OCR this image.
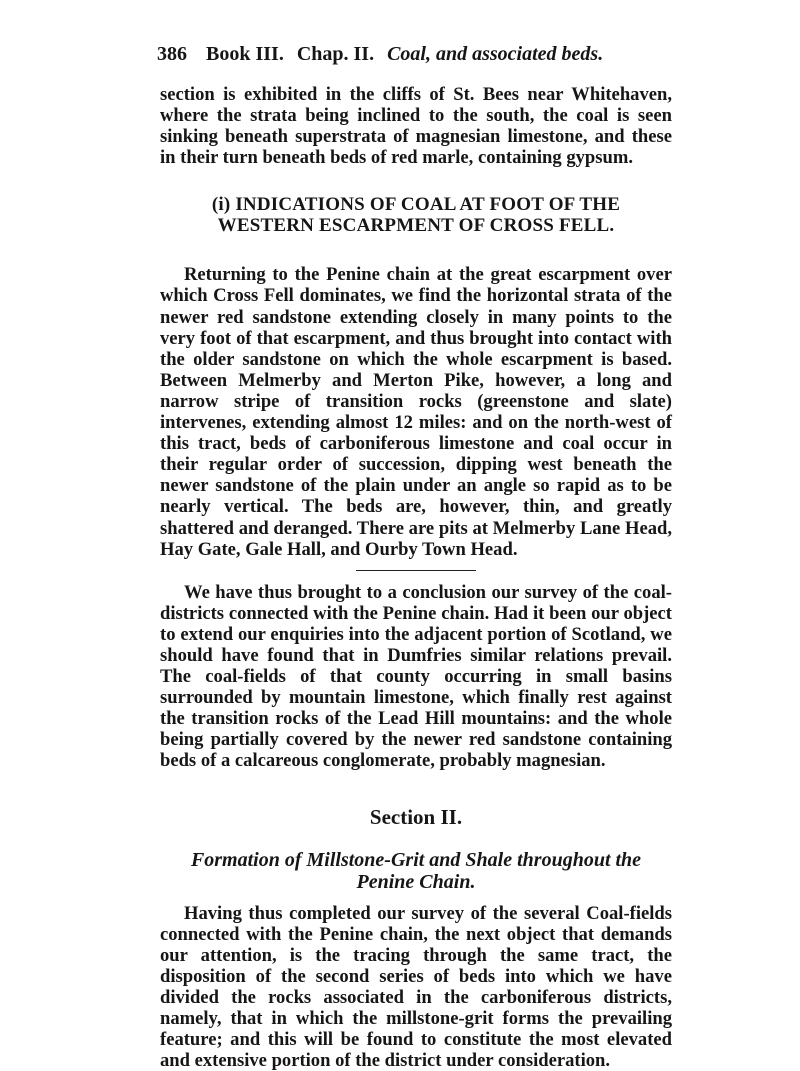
386 Book III. Chap. II. Coal, and associated beds.

section is exhibited in the cliffs of St. Bees near Whitehaven, where the strata being inclined to the south, the coal is seen sinking beneath superstrata of magnesian limestone, and these in their turn beneath beds of red marle, containing gypsum.

(i) INDICATIONS OF COAL AT FOOT OF THE
WESTERN ESCARPMENT OF CROSS FELL.

Returning to the Penine chain at the great escarpment over which Cross Fell dominates, we find the horizontal strata of the newer red sandstone extending closely in many points to the very foot of that escarpment, and thus brought into contact with the older sandstone on which the whole escarpment is based. Between Melmerby and Merton Pike, however, a long and narrow stripe of transition rocks (greenstone and slate) intervenes, extending almost 12 miles: and on the north-west of this tract, beds of carboniferous limestone and coal occur in their regular order of succession, dipping west beneath the newer sandstone of the plain under an angle so rapid as to be nearly vertical. The beds are, however, thin, and greatly shattered and deranged. There are pits at Melmerby Lane Head, Hay Gate, Gale Hall, and Ourby Town Head.

We have thus brought to a conclusion our survey of the coal-districts connected with the Penine chain. Had it been our object to extend our enquiries into the adjacent portion of Scotland, we should have found that in Dumfries similar relations prevail. The coal-fields of that county occurring in small basins surrounded by mountain limestone, which finally rest against the transition rocks of the Lead Hill mountains: and the whole being partially covered by the newer red sandstone containing beds of a calcareous conglomerate, probably magnesian.

Section II.
Formation of Millstone-Grit and Shale throughout the
Penine Chain.

Having thus completed our survey of the several Coal-fields connected with the Penine chain, the next object that demands our attention, is the tracing through the same tract, the disposition of the second series of beds into which we have divided the rocks associated in the carboniferous districts, namely, that in which the millstone-grit forms the prevailing feature; and this will be found to constitute the most elevated and extensive portion of the district under consideration.
